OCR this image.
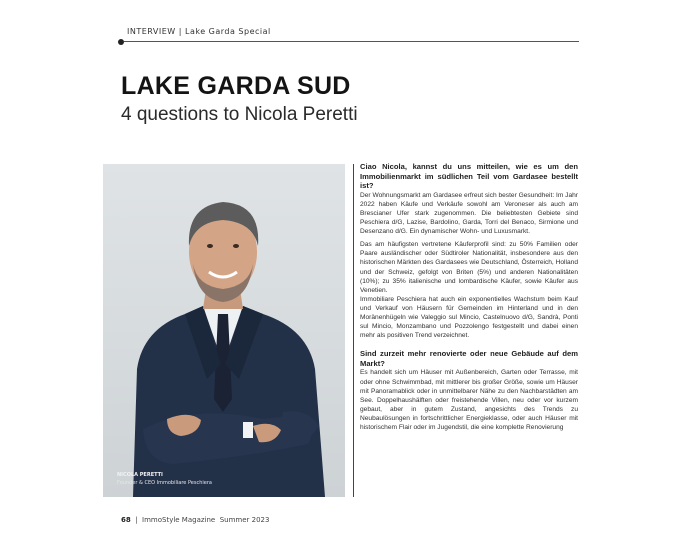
INTERVIEW | Lake Garda Special
LAKE GARDA SUD
4 questions to Nicola Peretti
NICOLA PERETTI
Founder & CEO Immobiliare Peschiera

Ciao Nicola, kannst du uns mitteilen, wie es um den Immobilienmarkt im südlichen Teil vom Gardasee bestellt ist?

Der Wohnungsmarkt am Gardasee erfreut sich bester Gesundheit: Im Jahr 2022 haben Käufe und Verkäufe sowohl am Veroneser als auch am Brescianer Ufer stark zugenommen. Die beliebtesten Gebiete sind Peschiera d/G, Lazise, Bardolino, Garda, Torri del Benaco, Sirmione und Desenzano d/G. Ein dynamischer Wohn- und Luxusmarkt.

Das am häufigsten vertretene Käuferprofil sind: zu 50% Familien oder Paare ausländischer oder Südtiroler Nationalität, insbesondere aus den historischen Märkten des Gardasees wie Deutschland, Österreich, Holland und der Schweiz, gefolgt von Briten (5%) und anderen Nationalitäten (10%); zu 35% italienische und lombardische Käufer, sowie Käufer aus Venetien.

Immobiliare Peschiera hat auch ein exponentielles Wachstum beim Kauf und Verkauf von Häusern für Gemeinden im Hinterland und in den Moränenhügeln wie Valeggio sul Mincio, Castelnuovo d/G, Sandrà, Ponti sul Mincio, Monzambano und Pozzolengo festgestellt und dabei einen mehr als positiven Trend verzeichnet.

Sind zurzeit mehr renovierte oder neue Gebäude auf dem Markt?

Es handelt sich um Häuser mit Außenbereich, Garten oder Terrasse, mit oder ohne Schwimmbad, mit mittlerer bis großer Größe, sowie um Häuser mit Panoramablick oder in unmittelbarer Nähe zu den Nachbarstädten am See. Doppelhaushälften oder freistehende Villen, neu oder vor kurzem gebaut, aber in gutem Zustand, angesichts des Trends zu Neubaulösungen in fortschrittlicher Energieklasse, oder auch Häuser mit historischem Flair oder im Jugendstil, die eine komplette Renovierung

68 | ImmoStyle Magazine Summer 2023
